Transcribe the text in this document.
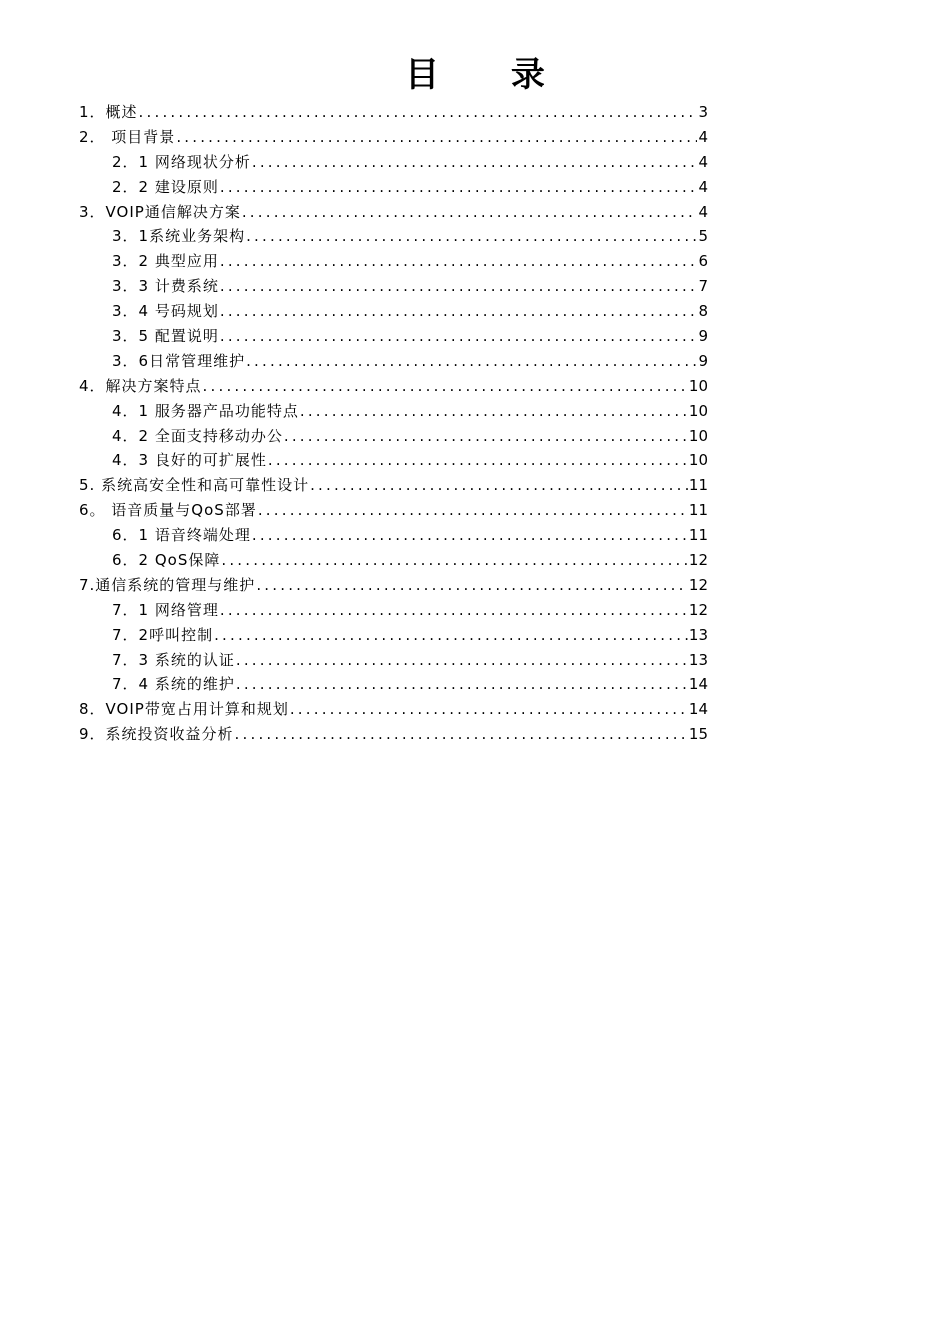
目 录
1．概述 .....	3
2． 项目背景 .....	4
2．1 网络现状分析 .....	4
2．2 建设原则 .....	4
3．VOIP通信解决方案 .....	4
3．1系统业务架构 .....	5
3．2 典型应用 .....	6
3．3 计费系统 .....	7
3．4 号码规划 .....	8
3．5 配置说明 .....	9
3．6日常管理维护 .....	9
4．解决方案特点 .....	10
4．1 服务器产品功能特点 .....	10
4．2 全面支持移动办公 .....	10
4．3 良好的可扩展性 .....	10
5. 系统高安全性和高可靠性设计 .....	11
6。 语音质量与QoS部署 .....	11
6．1 语音终端处理 .....	11
6．2 QoS保障 .....	12
7.通信系统的管理与维护 .....	12
7．1 网络管理 .....	12
7．2呼叫控制 .....	13
7．3 系统的认证 .....	13
7．4 系统的维护 .....	14
8．VOIP带宽占用计算和规划 .....	14
9．系统投资收益分析 .....	15
